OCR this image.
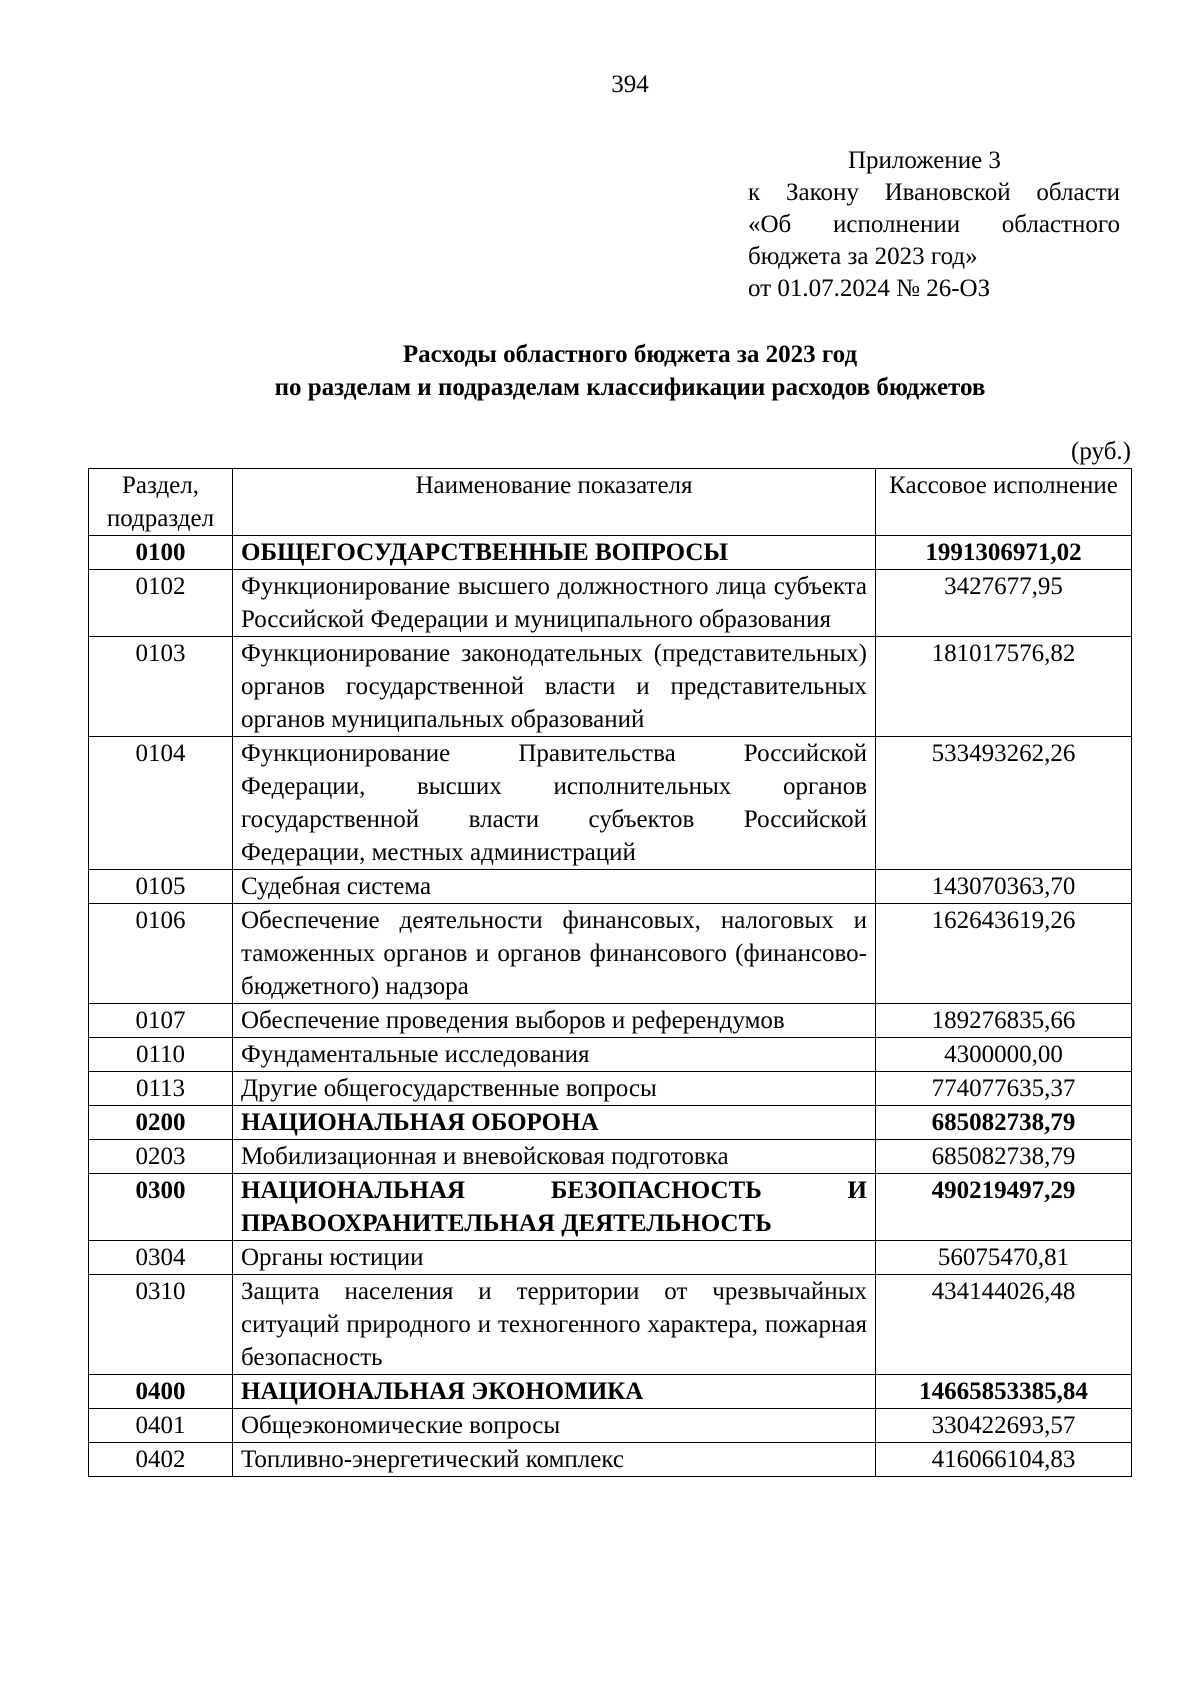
394
Приложение 3
к Закону Ивановской области
«Об исполнении областного
бюджета за 2023 год»
от 01.07.2024 № 26-ОЗ
Расходы областного бюджета за 2023 год
по разделам и подразделам классификации расходов бюджетов
(руб.)
Раздел, подраздел	Наименование показателя	Кассовое исполнение
0100	ОБЩЕГОСУДАРСТВЕННЫЕ ВОПРОСЫ	1991306971,02
0102	Функционирование высшего должностного лица субъекта Российской Федерации и муниципального образования	3427677,95
0103	Функционирование законодательных (представительных) органов государственной власти и представительных органов муниципальных образований	181017576,82
0104	Функционирование Правительства Российской Федерации, высших исполнительных органов государственной власти субъектов Российской Федерации, местных администраций	533493262,26
0105	Судебная система	143070363,70
0106	Обеспечение деятельности финансовых, налоговых и таможенных органов и органов финансового (финансово-бюджетного) надзора	162643619,26
0107	Обеспечение проведения выборов и референдумов	189276835,66
0110	Фундаментальные исследования	4300000,00
0113	Другие общегосударственные вопросы	774077635,37
0200	НАЦИОНАЛЬНАЯ ОБОРОНА	685082738,79
0203	Мобилизационная и вневойсковая подготовка	685082738,79
0300	НАЦИОНАЛЬНАЯ БЕЗОПАСНОСТЬ И ПРАВООХРАНИТЕЛЬНАЯ ДЕЯТЕЛЬНОСТЬ	490219497,29
0304	Органы юстиции	56075470,81
0310	Защита населения и территории от чрезвычайных ситуаций природного и техногенного характера, пожарная безопасность	434144026,48
0400	НАЦИОНАЛЬНАЯ ЭКОНОМИКА	14665853385,84
0401	Общеэкономические вопросы	330422693,57
0402	Топливно-энергетический комплекс	416066104,83
